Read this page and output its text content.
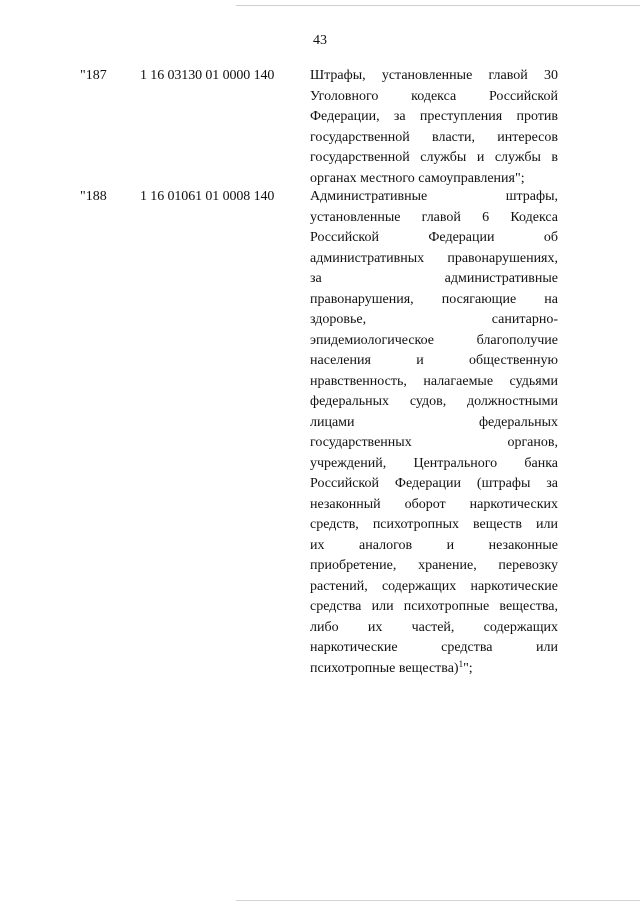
43
"187 1 16 03130 01 0000 140	Штрафы, установленные главой 30
Уголовного кодекса Российской
Федерации, за преступления против
государственной власти, интересов
государственной службы и службы в
органах местного самоуправления";
"188 1 16 01061 01 0008 140	Административные штрафы,
установленные главой 6 Кодекса
Российской Федерации об
административных правонарушениях,
за административные
правонарушения, посягающие на
здоровье, санитарно-
эпидемиологическое благополучие
населения и общественную
нравственность, налагаемые судьями
федеральных судов, должностными
лицами федеральных
государственных органов,
учреждений, Центрального банка
Российской Федерации (штрафы за
незаконный оборот наркотических
средств, психотропных веществ или
их аналогов и незаконные
приобретение, хранение, перевозку
растений, содержащих наркотические
средства или психотропные вещества,
либо их частей, содержащих
наркотические средства или
психотропные вещества)$^1$";
